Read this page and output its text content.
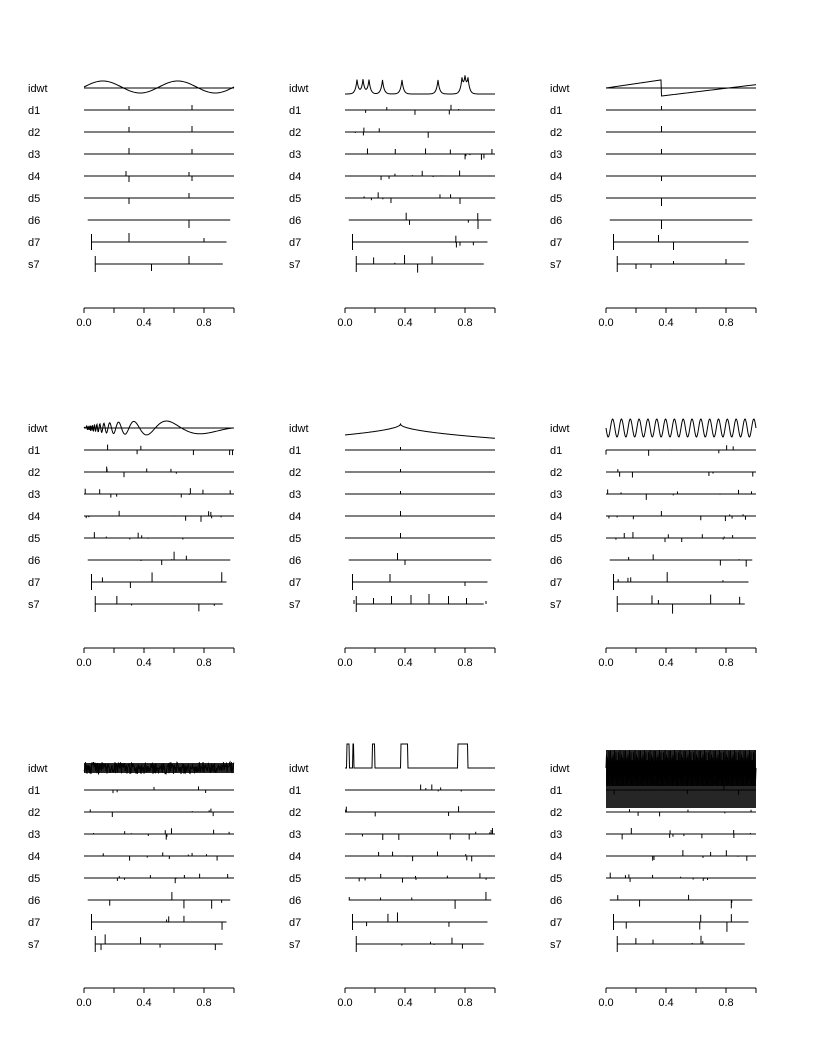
idwt
d1
d2
d3
d4
d5
d6
d7
s7
0.0	0.4	0.8
idwt
d1
d2
d3
d4
d5
d6
d7
s7
0.0	0.4	0.8
idwt
d1
d2
d3
d4
d5
d6
d7
s7
0.0	0.4	0.8
idwt
d1
d2
d3
d4
d5
d6
d7
s7
0.0	0.4	0.8
idwt
d1
d2
d3
d4
d5
d6
d7
s7
0.0	0.4	0.8
idwt
d1
d2
d3
d4
d5
d6
d7
s7
0.0	0.4	0.8
idwt
d1
d2
d3
d4
d5
d6
d7
s7
0.0	0.4	0.8
idwt
d1
d2
d3
d4
d5
d6
d7
s7
0.0	0.4	0.8
idwt
d1
d2
d3
d4
d5
d6
d7
s7
0.0	0.4	0.8
